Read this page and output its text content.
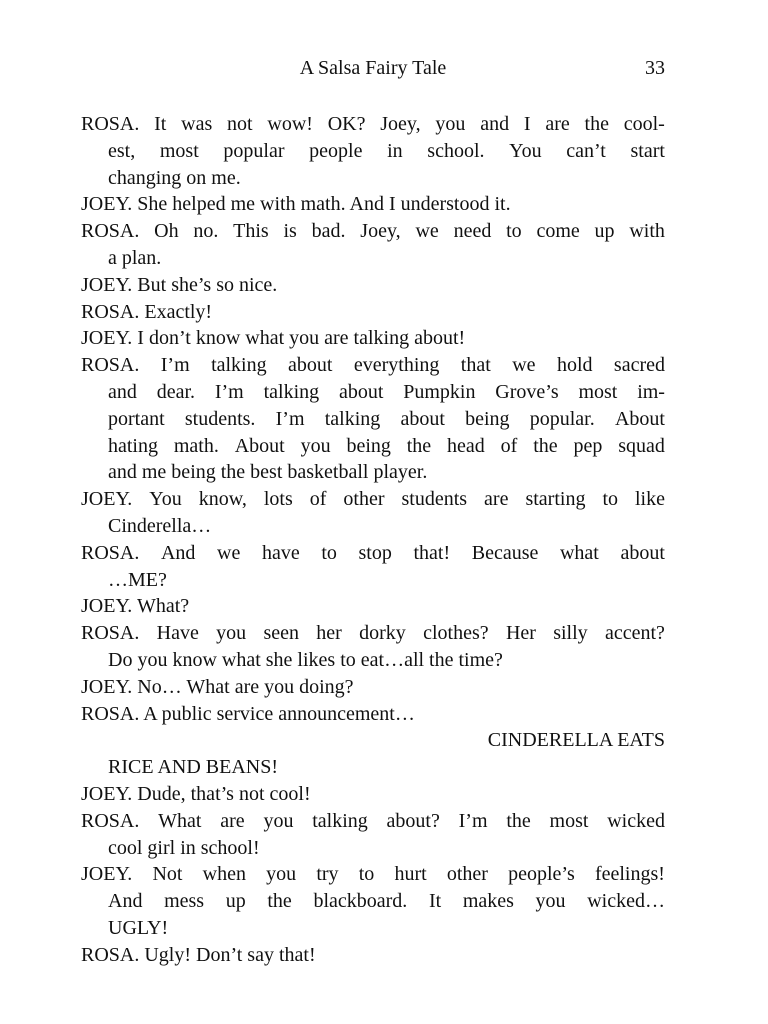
A Salsa Fairy Tale	33
ROSA. It was not wow! OK? Joey, you and I are the cool-
est, most popular people in school. You can’t start
changing on me.
JOEY. She helped me with math. And I understood it.
ROSA. Oh no. This is bad. Joey, we need to come up with
a plan.
JOEY. But she’s so nice.
ROSA. Exactly!
JOEY. I don’t know what you are talking about!
ROSA. I’m talking about everything that we hold sacred
and dear. I’m talking about Pumpkin Grove’s most im-
portant students. I’m talking about being popular. About
hating math. About you being the head of the pep squad
and me being the best basketball player.
JOEY. You know, lots of other students are starting to like
Cinderella…
ROSA. And we have to stop that! Because what about
…ME?
JOEY. What?
ROSA. Have you seen her dorky clothes? Her silly accent?
Do you know what she likes to eat…all the time?
JOEY. No… What are you doing?
ROSA. A public service announcement…
CINDERELLA EATS
RICE AND BEANS!
JOEY. Dude, that’s not cool!
ROSA. What are you talking about? I’m the most wicked
cool girl in school!
JOEY. Not when you try to hurt other people’s feelings!
And mess up the blackboard. It makes you wicked…
UGLY!
ROSA. Ugly! Don’t say that!
